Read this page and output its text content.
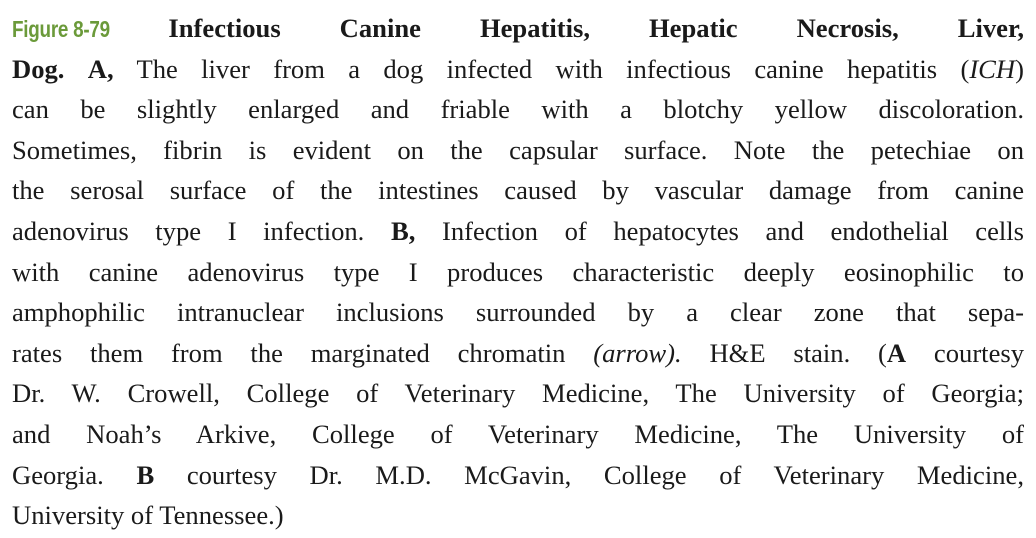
Figure 8-79 Infectious Canine Hepatitis, Hepatic Necrosis, Liver,
Dog. A, The liver from a dog infected with infectious canine hepatitis (ICH)
can be slightly enlarged and friable with a blotchy yellow discoloration.
Sometimes, fibrin is evident on the capsular surface. Note the petechiae on
the serosal surface of the intestines caused by vascular damage from canine
adenovirus type I infection. B, Infection of hepatocytes and endothelial cells
with canine adenovirus type I produces characteristic deeply eosinophilic to
amphophilic intranuclear inclusions surrounded by a clear zone that sepa-
rates them from the marginated chromatin (arrow). H&E stain. (A courtesy
Dr. W. Crowell, College of Veterinary Medicine, The University of Georgia;
and Noah’s Arkive, College of Veterinary Medicine, The University of
Georgia. B courtesy Dr. M.D. McGavin, College of Veterinary Medicine,
University of Tennessee.)
